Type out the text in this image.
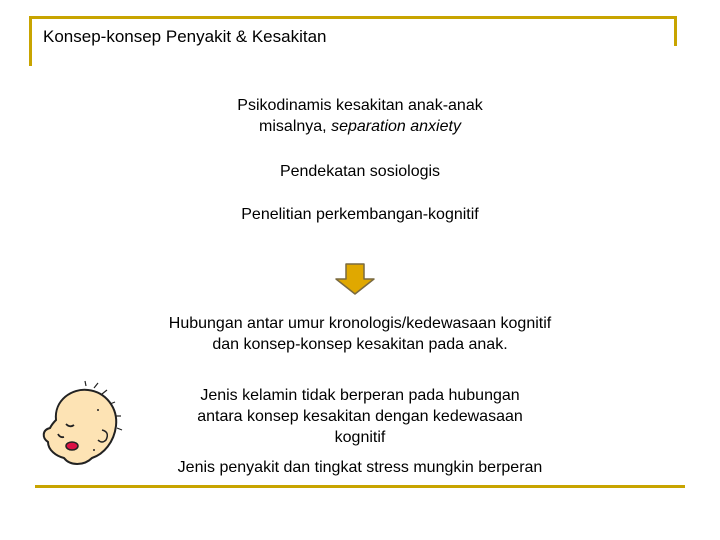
Konsep-konsep Penyakit & Kesakitan
Psikodinamis kesakitan anak-anak
misalnya, separation anxiety
Pendekatan sosiologis
Penelitian perkembangan-kognitif
Hubungan antar umur kronologis/kedewasaan kognitif
dan konsep-konsep kesakitan pada anak.
Jenis kelamin tidak berperan pada hubungan
antara konsep kesakitan dengan kedewasaan
kognitif
Jenis penyakit dan tingkat stress mungkin berperan
